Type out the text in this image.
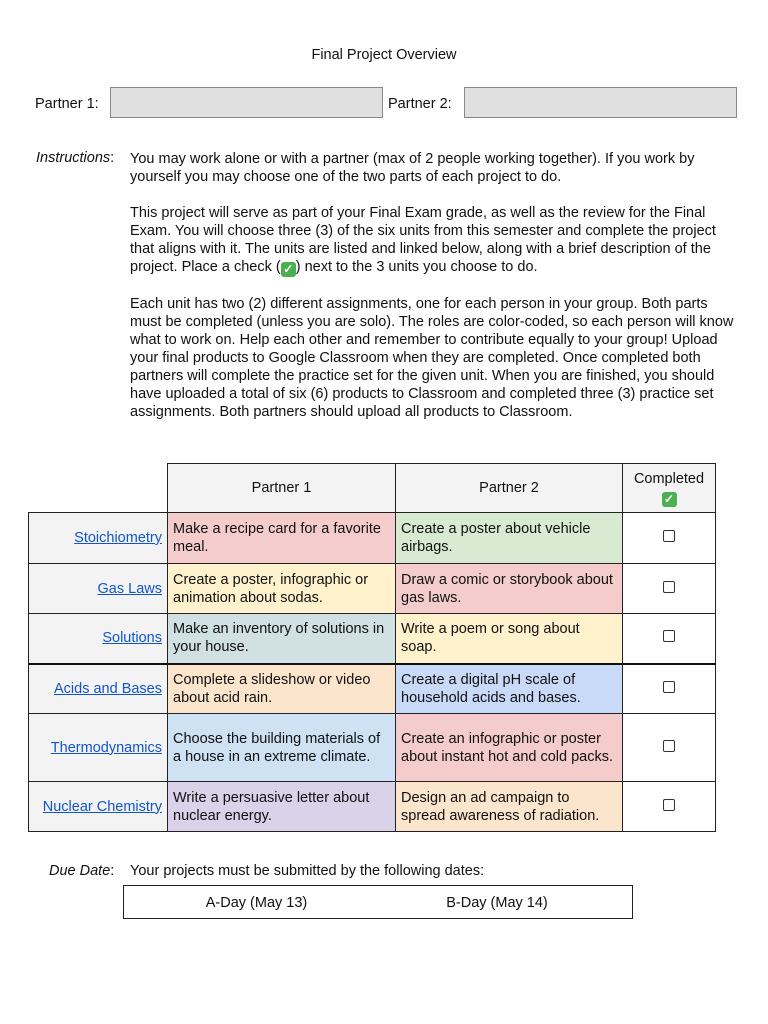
Final Project Overview
Partner 1:	Partner 2:
Instructions: You may work alone or with a partner (max of 2 people working together). If you work by yourself you may choose one of the two parts of each project to do.

This project will serve as part of your Final Exam grade, as well as the review for the Final Exam. You will choose three (3) of the six units from this semester and complete the project that aligns with it. The units are listed and linked below, along with a brief description of the project. Place a check ( ✓ ) next to the 3 units you choose to do.

Each unit has two (2) different assignments, one for each person in your group. Both parts must be completed (unless you are solo). The roles are color-coded, so each person will know what to work on. Help each other and remember to contribute equally to your group! Upload your final products to Google Classroom when they are completed. Once completed both partners will complete the practice set for the given unit. When you are finished, you should have uploaded a total of six (6) products to Classroom and completed three (3) practice set assignments. Both partners should upload all products to Classroom.

	Partner 1	Partner 2	Completed
✓
Stoichiometry	Make a recipe card for a favorite meal.	Create a poster about vehicle airbags.	
Gas Laws	Create a poster, infographic or animation about sodas.	Draw a comic or storybook about gas laws.	
Solutions	Make an inventory of solutions in your house.	Write a poem or song about soap.	
Acids and Bases	Complete a slideshow or video about acid rain.	Create a digital pH scale of household acids and bases.	
Thermodynamics	Choose the building materials of a house in an extreme climate.	Create an infographic or poster about instant hot and cold packs.	
Nuclear Chemistry	Write a persuasive letter about nuclear energy.	Design an ad campaign to spread awareness of radiation.	
Due Date: Your projects must be submitted by the following dates:
A-Day (May 13)	B-Day (May 14)
